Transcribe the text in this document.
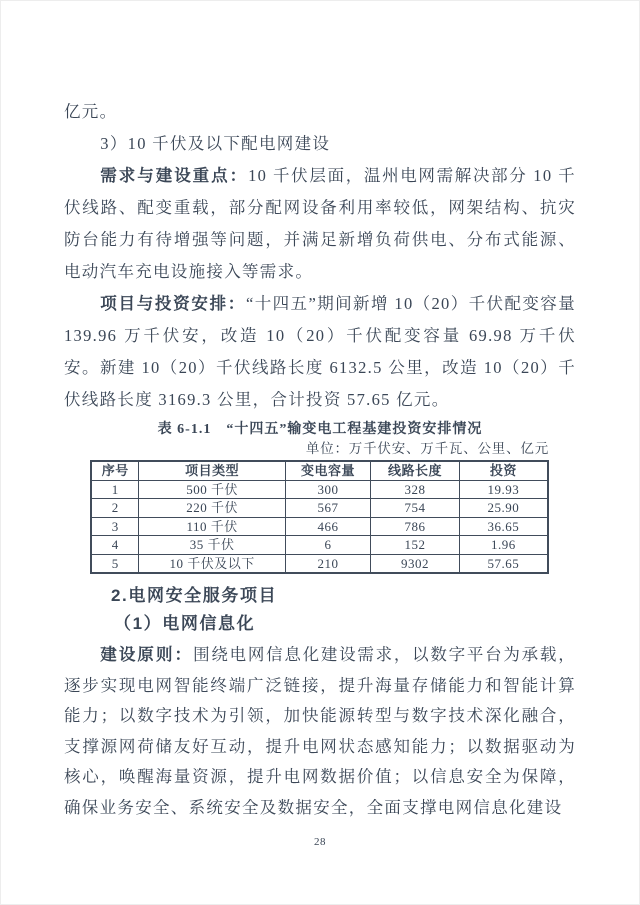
亿元。

3）10 千伏及以下配电网建设

需求与建设重点：10 千伏层面，温州电网需解决部分 10 千伏线路、配变重载，部分配网设备利用率较低，网架结构、抗灾防台能力有待增强等问题，并满足新增负荷供电、分布式能源、电动汽车充电设施接入等需求。

项目与投资安排：“十四五”期间新增 10（20）千伏配变容量 139.96 万千伏安，改造 10（20）千伏配变容量 69.98 万千伏安。新建 10（20）千伏线路长度 6132.5 公里，改造 10（20）千伏线路长度 3169.3 公里，合计投资 57.65 亿元。

表 6-1.1　“十四五”输变电工程基建投资安排情况
单位：万千伏安、万千瓦、公里、亿元
序号	项目类型	变电容量	线路长度	投资
1	500 千伏	300	328	19.93
2	220 千伏	567	754	25.90
3	110 千伏	466	786	36.65
4	35 千伏	6	152	1.96
5	10 千伏及以下	210	9302	57.65

2.电网安全服务项目

（1）电网信息化

建设原则：围绕电网信息化建设需求，以数字平台为承载，逐步实现电网智能终端广泛链接，提升海量存储能力和智能计算能力；以数字技术为引领，加快能源转型与数字技术深化融合，支撑源网荷储友好互动，提升电网状态感知能力；以数据驱动为核心，唤醒海量资源，提升电网数据价值；以信息安全为保障，确保业务安全、系统安全及数据安全，全面支撑电网信息化建设

28
